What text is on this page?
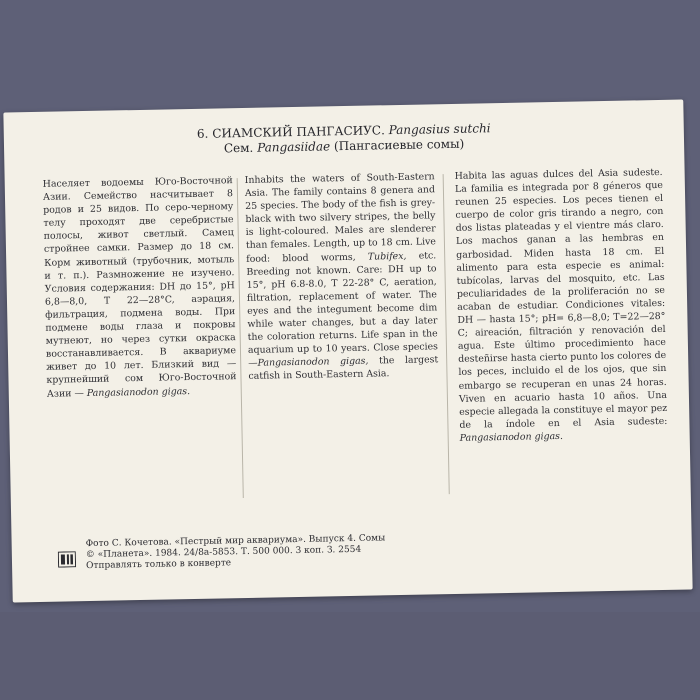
6. СИАМСКИЙ ПАНГАСИУС. Pangasius sutchi
Сем. Pangasiidae (Пангасиевые сомы)

Населяет водоемы Юго-Восточной Азии. Семейство насчитывает 8 родов и 25 видов. По серо-черному телу проходят две серебристые полосы, живот светлый. Самец стройнее самки. Размер до 18 см. Корм животный (трубочник, мотыль и т. п.). Размножение не изучено. Условия содержания: DH до 15°, pH 6,8—8,0, T 22—28°C, аэрация, фильтрация, подмена воды. При подмене воды глаза и покровы мутнеют, но через сутки окраска восстанавливается. В аквариуме живет до 10 лет. Близкий вид — крупнейший сом Юго-Восточной Азии — Pangasianodon gigas.

Inhabits the waters of South-Eastern Asia. The family contains 8 genera and 25 species. The body of the fish is grey-black with two silvery stripes, the belly is light-coloured. Males are slenderer than females. Length, up to 18 cm. Live food: blood worms, Tubifex, etc. Breeding not known. Care: DH up to 15°, pH 6.8-8.0, T 22-28° C, aeration, filtration, replacement of water. The eyes and the integument become dim while water changes, but a day later the coloration returns. Life span in the aquarium up to 10 years. Close species—Pangasianodon gigas, the largest catfish in South-Eastern Asia.

Habita las aguas dulces del Asia sudeste. La familia es integrada por 8 géneros que reunen 25 especies. Los peces tienen el cuerpo de color gris tirando a negro, con dos listas plateadas y el vientre más claro. Los machos ganan a las hembras en garbosidad. Miden hasta 18 cm. El alimento para esta especie es animal: tubícolas, larvas del mosquito, etc. Las peculiaridades de la proliferación no se acaban de estudiar. Condiciones vitales: DH — hasta 15°; pH= 6,8—8,0; T=22—28° C; aireación, filtración y renovación del agua. Este último procedimiento hace desteñirse hasta cierto punto los colores de los peces, incluido el de los ojos, que sin embargo se recuperan en unas 24 horas. Viven en acuario hasta 10 años. Una especie allegada la constituye el mayor pez de la índole en el Asia sudeste: Pangasianodon gigas.

Фото С. Кочетова. «Пестрый мир аквариума». Выпуск 4. Сомы
© «Планета». 1984. 24/8а-5853. Т. 500 000. 3 коп. З. 2554
Отправлять только в конверте
